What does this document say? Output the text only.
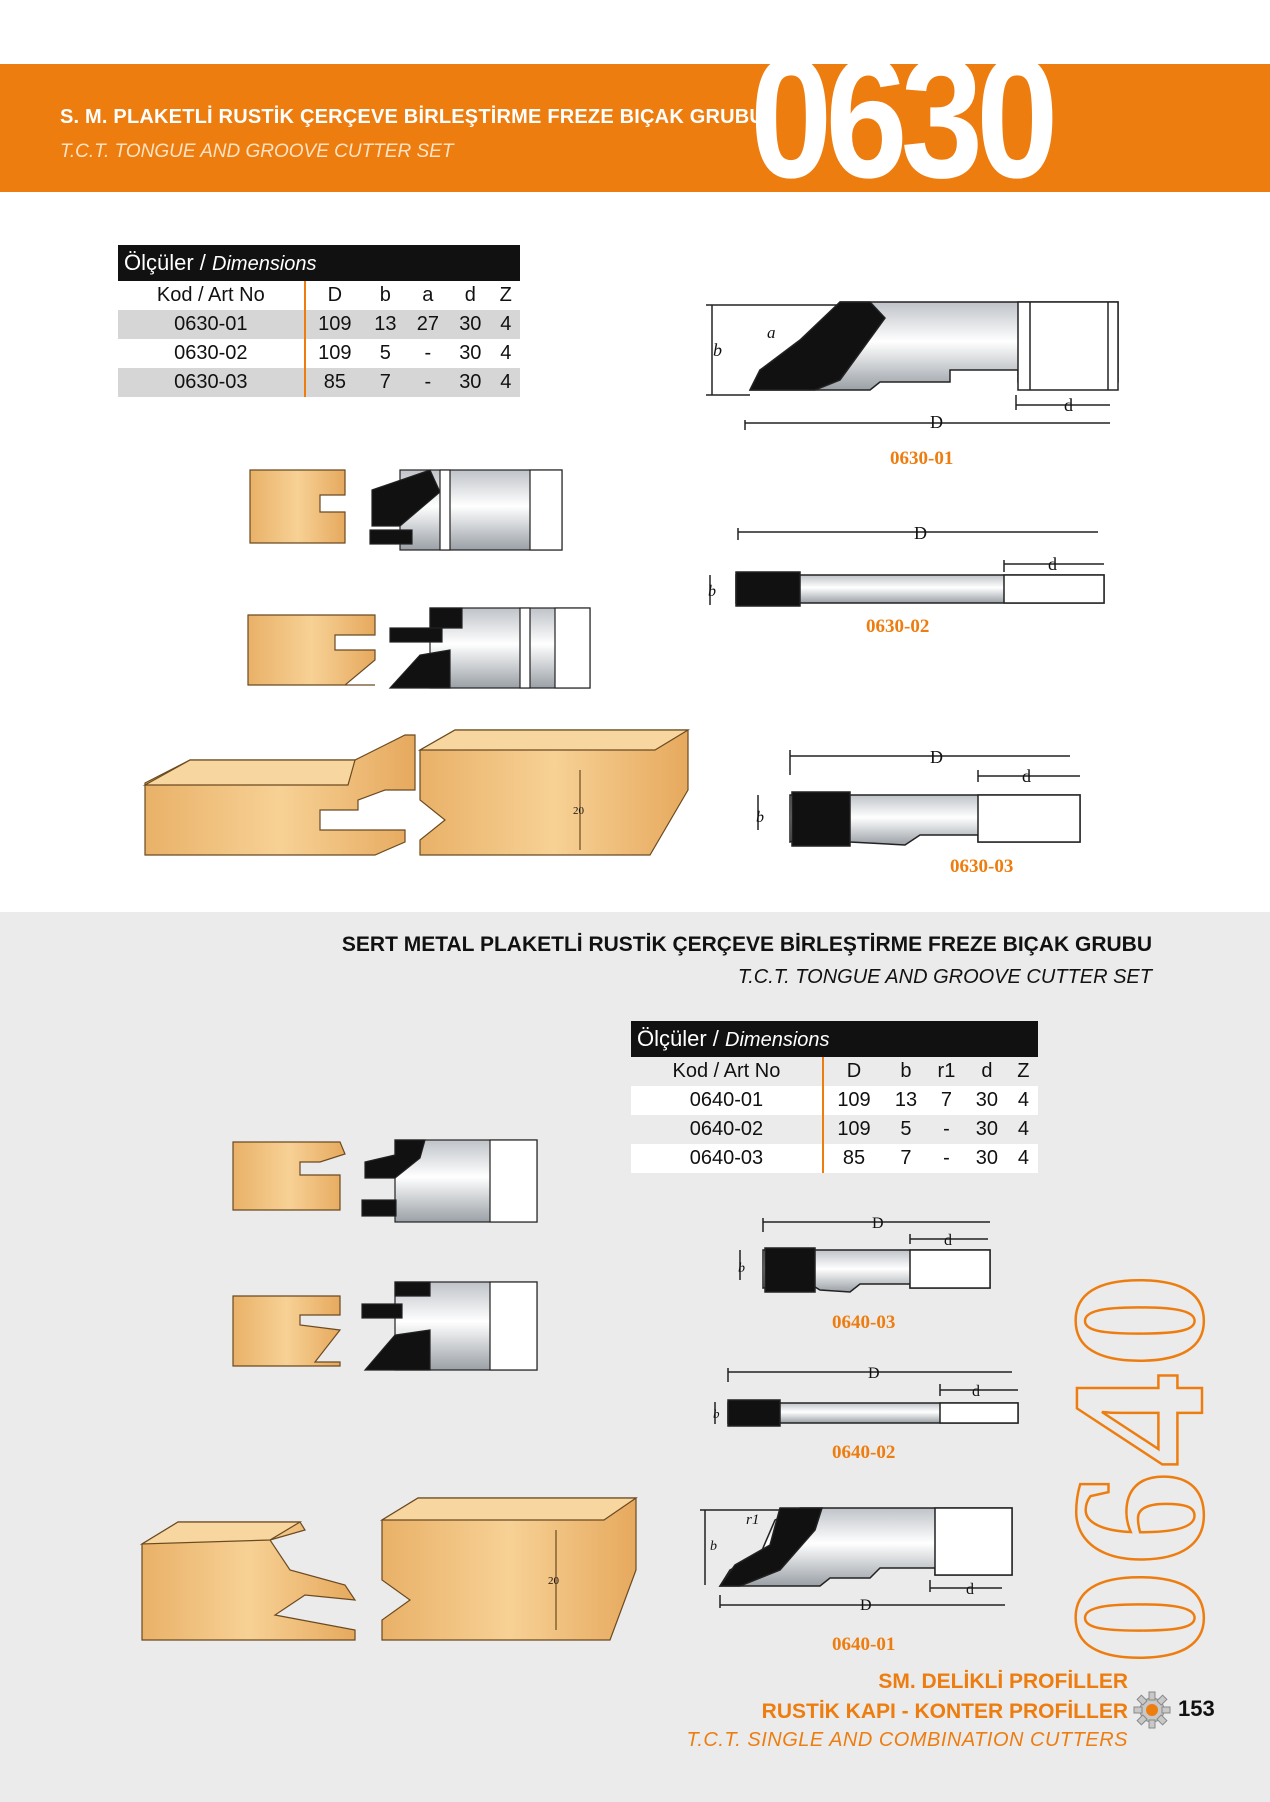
S. M. PLAKETLİ RUSTİK ÇERÇEVE BİRLEŞTİRME FREZE BIÇAK GRUBU
T.C.T. TONGUE AND GROOVE CUTTER SET 0630
Ölçüler / Dimensions					
Kod / Art No	D	b	a	d	Z
0630-01	109	13	27	30	4
0630-02	109	5	-	30	4
0630-03	85	7	-	30	4
b
a
D
d
0630-01
D
d
b
0630-02
D
d
b
0630-03
20
SERT METAL PLAKETLİ RUSTİK ÇERÇEVE BİRLEŞTİRME FREZE BIÇAK GRUBU
T.C.T. TONGUE AND GROOVE CUTTER SET
Ölçüler / Dimensions					
Kod / Art No	D	b	r1	d	Z
0640-01	109	13	7	30	4
0640-02	109	5	-	30	4
0640-03	85	7	-	30	4
0640
20
D
d
b
0640-03
D
d
b
0640-02
r1
b
D
d
0640-01
SM. DELİKLİ PROFİLLER
RUSTİK KAPI - KONTER PROFİLLER
T.C.T. SINGLE AND COMBINATION CUTTERS
153
